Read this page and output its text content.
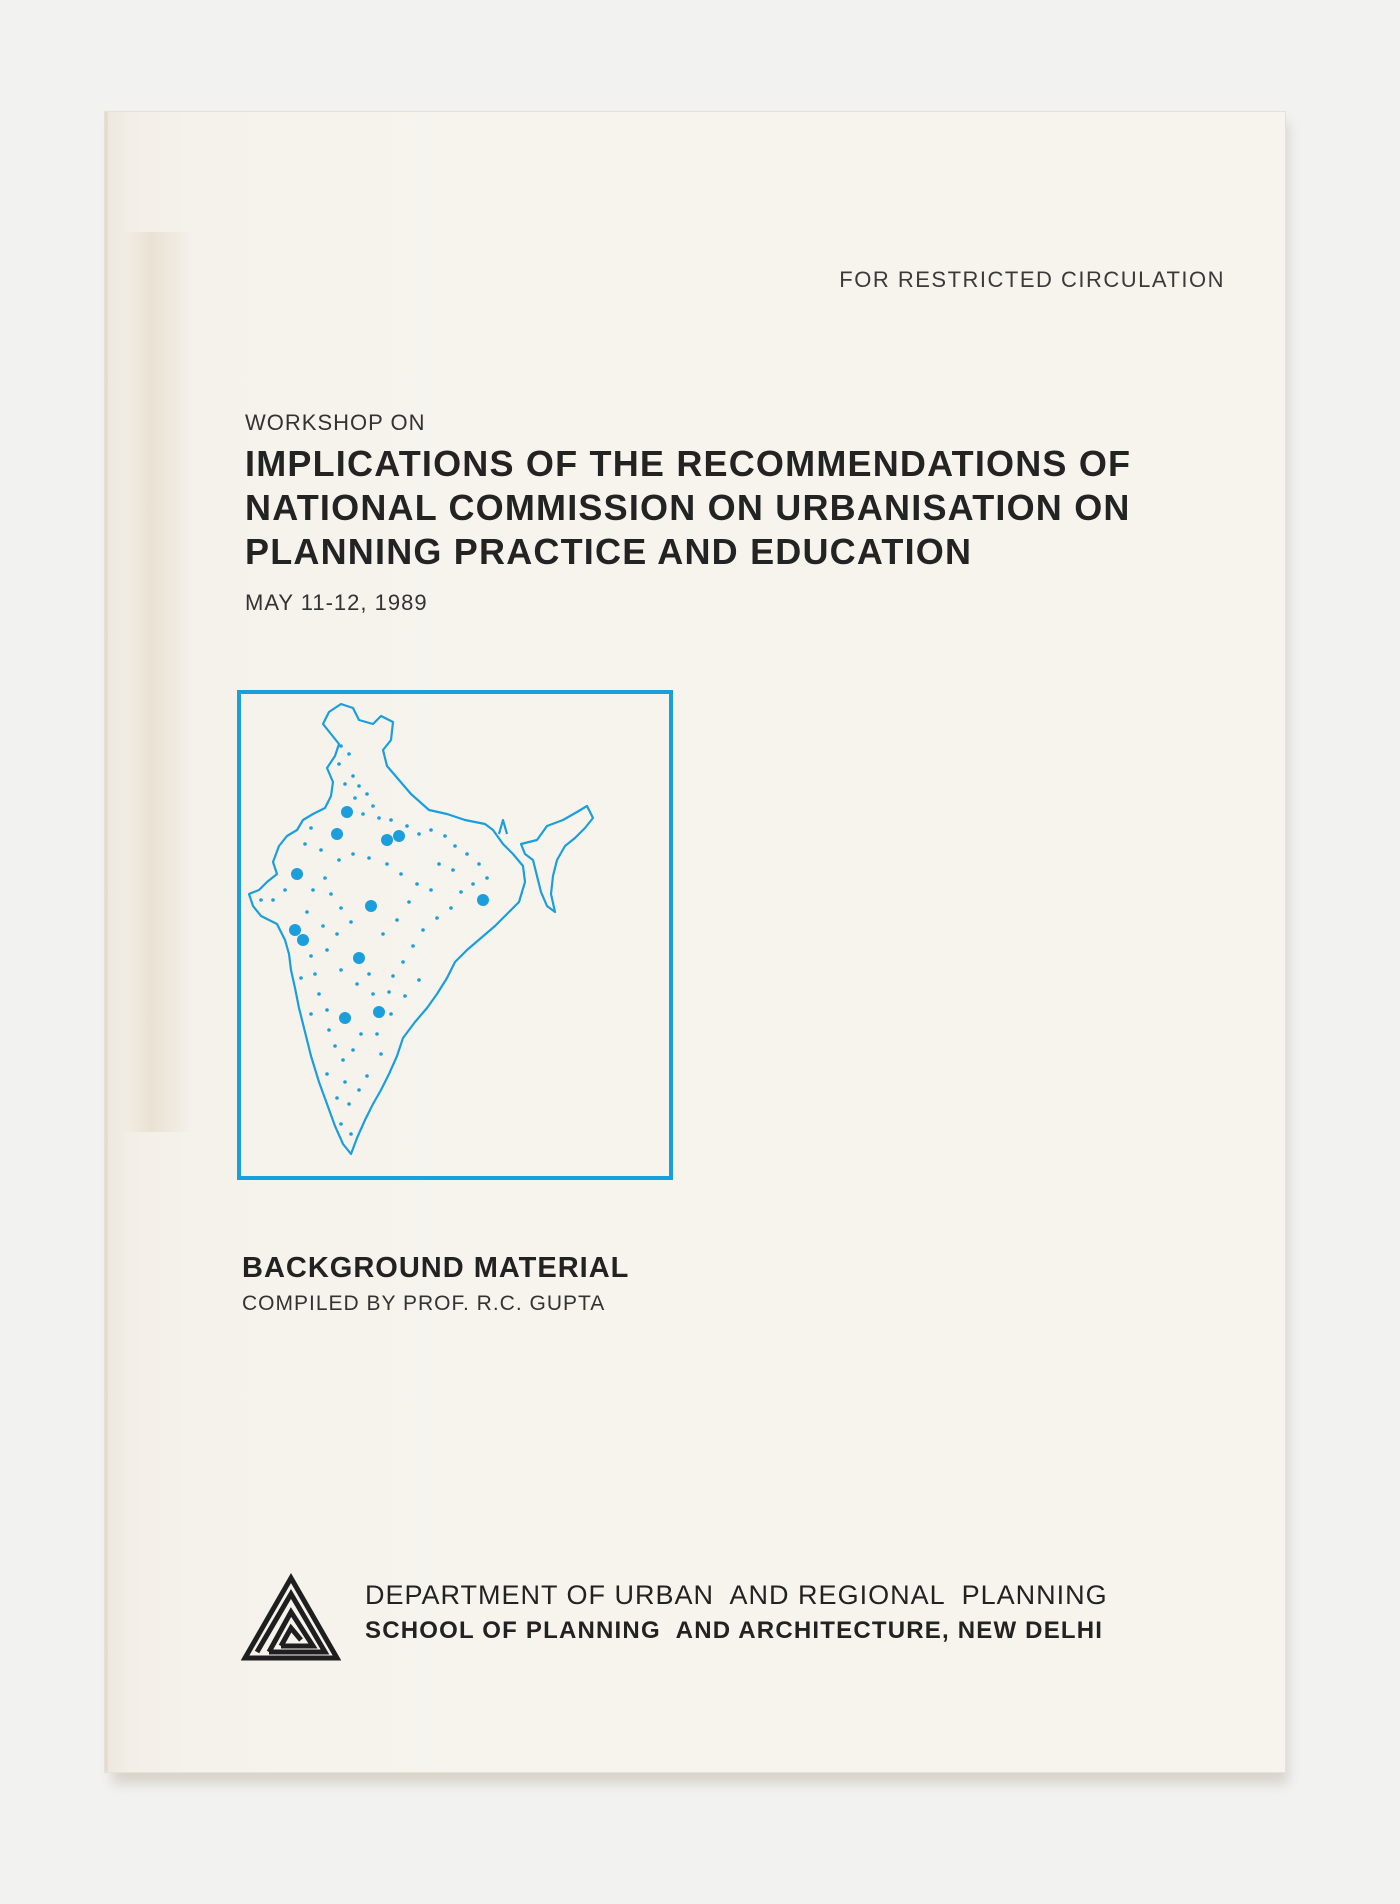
FOR RESTRICTED CIRCULATION
WORKSHOP ON
IMPLICATIONS OF THE RECOMMENDATIONS OF
NATIONAL COMMISSION ON URBANISATION ON
PLANNING PRACTICE AND EDUCATION
MAY 11-12, 1989
BACKGROUND MATERIAL
COMPILED BY PROF. R.C. GUPTA
DEPARTMENT OF URBAN  AND REGIONAL  PLANNING
SCHOOL OF PLANNING  AND ARCHITECTURE, NEW DELHI
